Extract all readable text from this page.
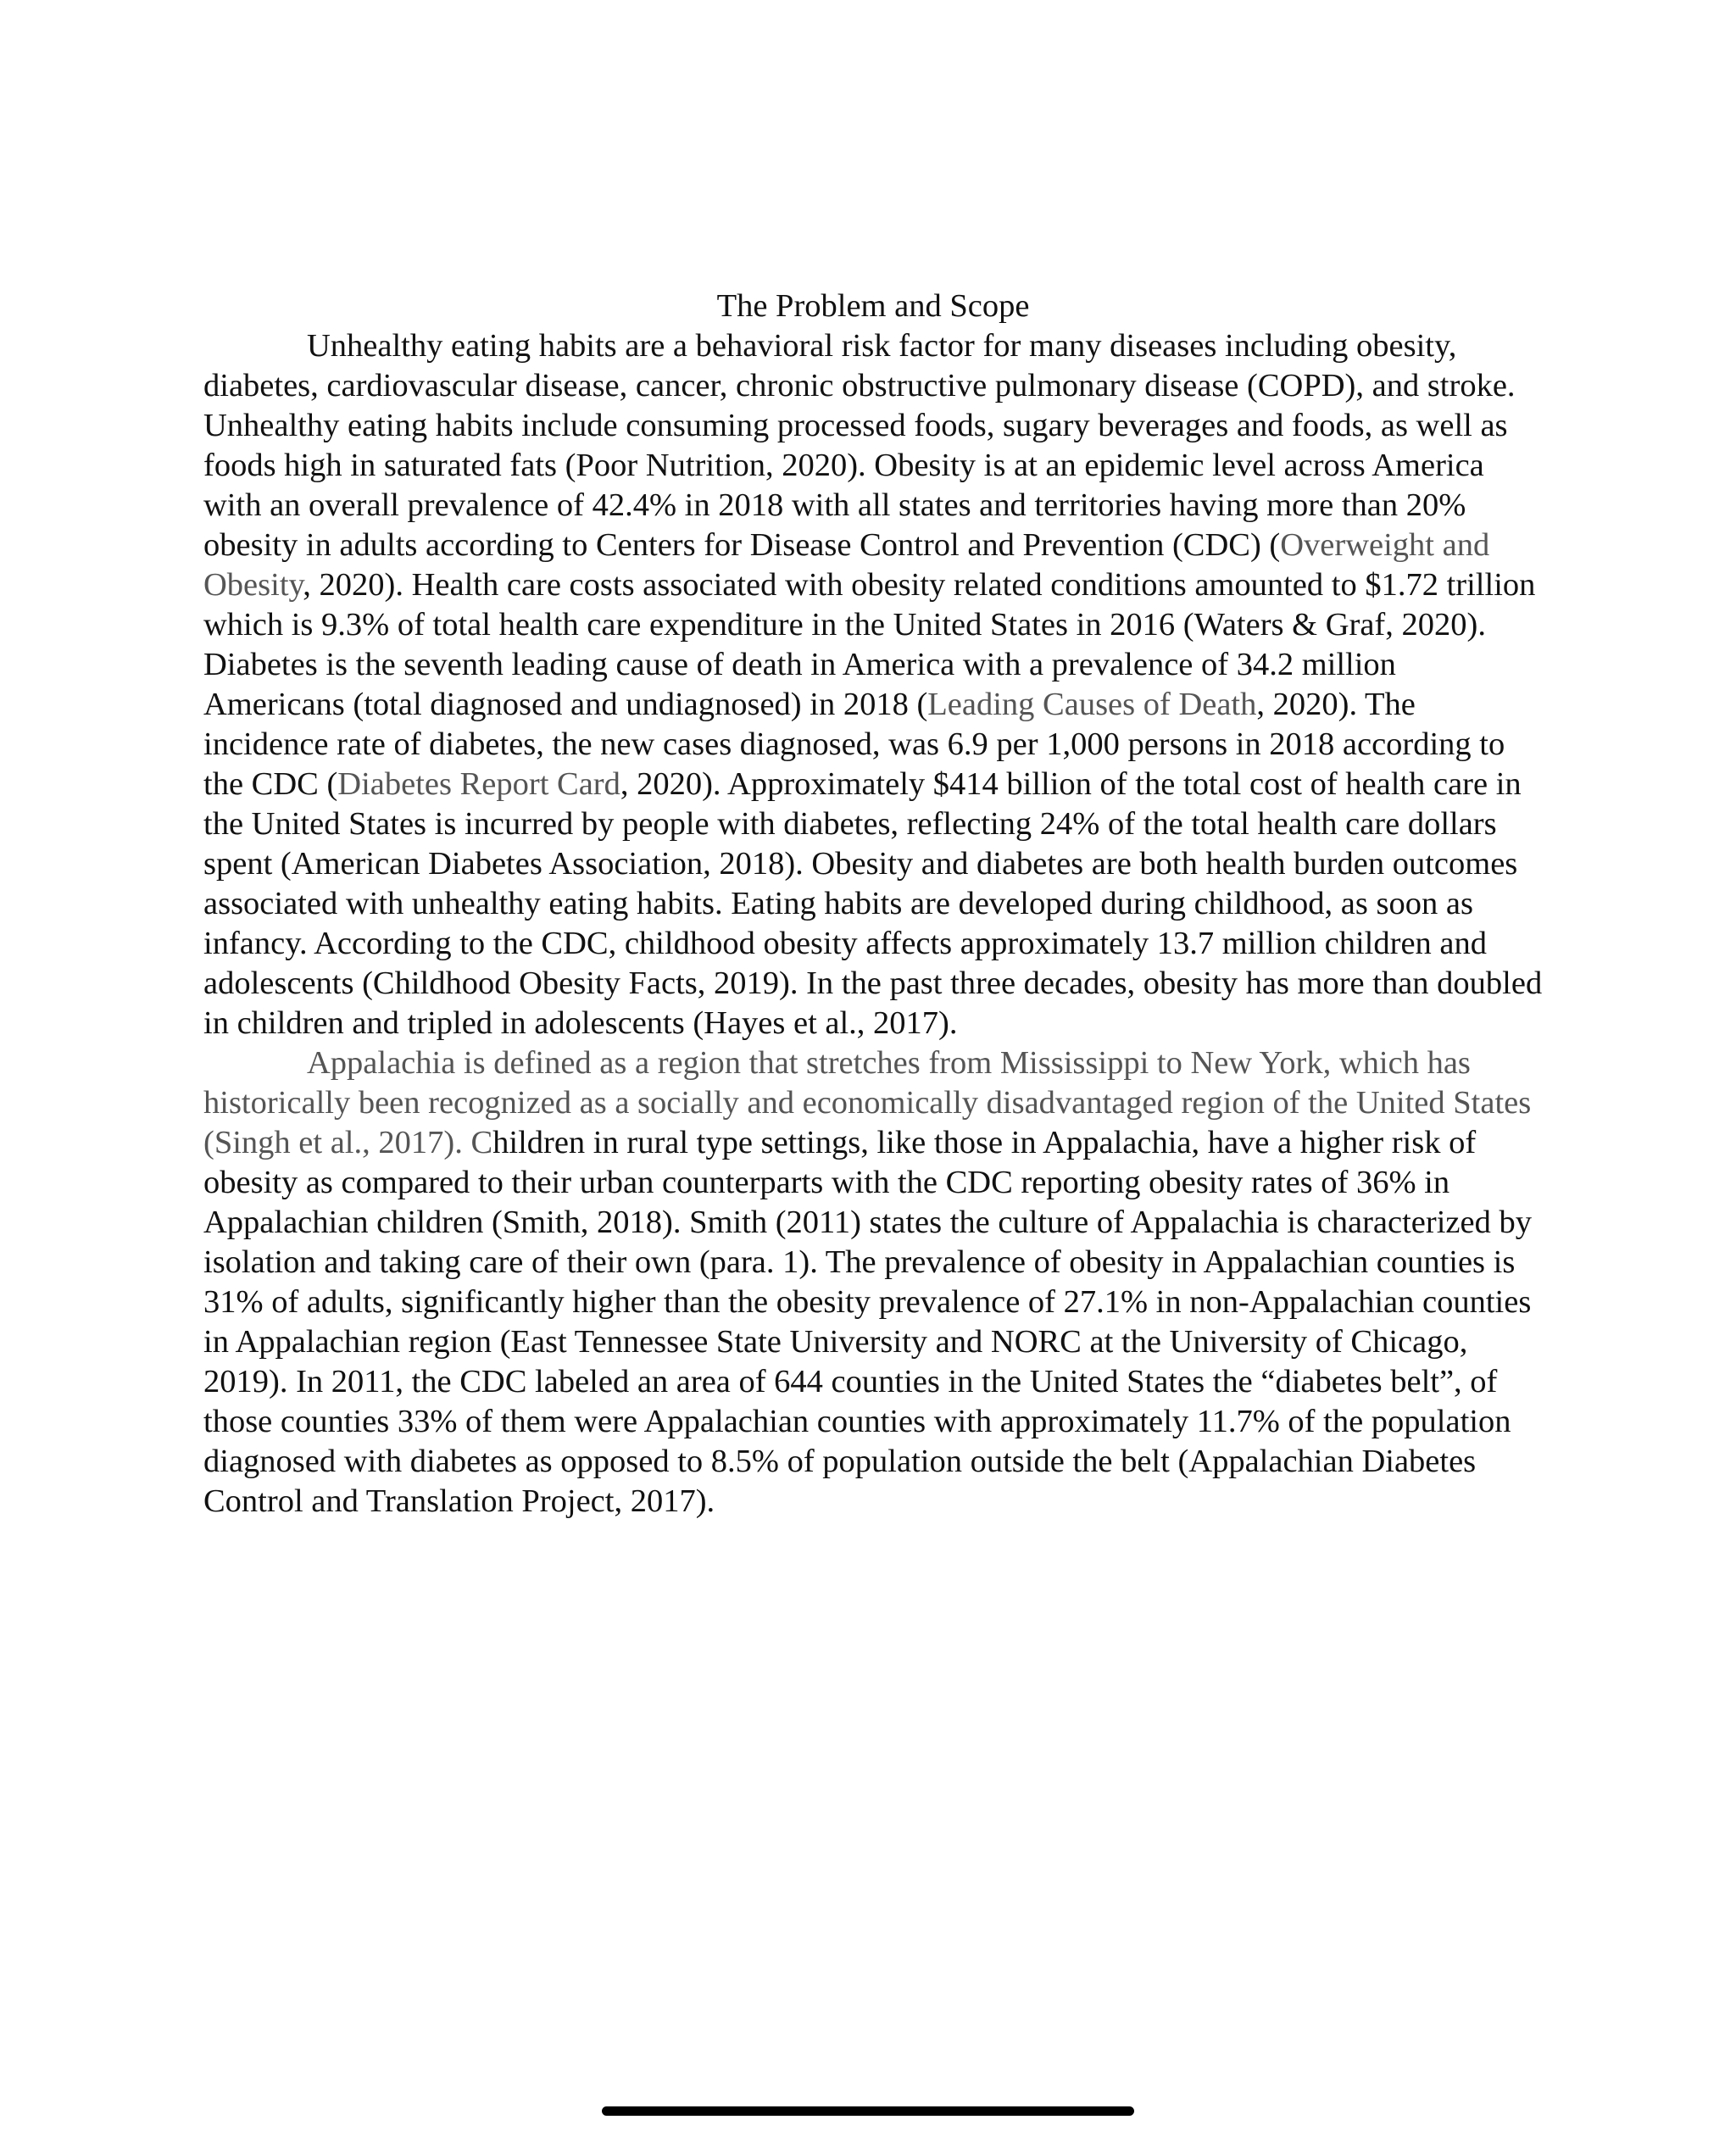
The Problem and Scope

Unhealthy eating habits are a behavioral risk factor for many diseases including obesity, diabetes, cardiovascular disease, cancer, chronic obstructive pulmonary disease (COPD), and stroke. Unhealthy eating habits include consuming processed foods, sugary beverages and foods, as well as foods high in saturated fats (Poor Nutrition, 2020). Obesity is at an epidemic level across America with an overall prevalence of 42.4% in 2018 with all states and territories having more than 20% obesity in adults according to Centers for Disease Control and Prevention (CDC) (Overweight and Obesity, 2020). Health care costs associated with obesity related conditions amounted to $1.72 trillion which is 9.3% of total health care expenditure in the United States in 2016 (Waters & Graf, 2020). Diabetes is the seventh leading cause of death in America with a prevalence of 34.2 million Americans (total diagnosed and undiagnosed) in 2018 (Leading Causes of Death, 2020). The incidence rate of diabetes, the new cases diagnosed, was 6.9 per 1,000 persons in 2018 according to the CDC (Diabetes Report Card, 2020). Approximately $414 billion of the total cost of health care in the United States is incurred by people with diabetes, reflecting 24% of the total health care dollars spent (American Diabetes Association, 2018). Obesity and diabetes are both health burden outcomes associated with unhealthy eating habits. Eating habits are developed during childhood, as soon as infancy. According to the CDC, childhood obesity affects approximately 13.7 million children and adolescents (Childhood Obesity Facts, 2019). In the past three decades, obesity has more than doubled in children and tripled in adolescents (Hayes et al., 2017).

Appalachia is defined as a region that stretches from Mississippi to New York, which has historically been recognized as a socially and economically disadvantaged region of the United States (Singh et al., 2017). Children in rural type settings, like those in Appalachia, have a higher risk of obesity as compared to their urban counterparts with the CDC reporting obesity rates of 36% in Appalachian children (Smith, 2018). Smith (2011) states the culture of Appalachia is characterized by isolation and taking care of their own (para. 1). The prevalence of obesity in Appalachian counties is 31% of adults, significantly higher than the obesity prevalence of 27.1% in non-Appalachian counties in Appalachian region (East Tennessee State University and NORC at the University of Chicago, 2019). In 2011, the CDC labeled an area of 644 counties in the United States the “diabetes belt”, of those counties 33% of them were Appalachian counties with approximately 11.7% of the population diagnosed with diabetes as opposed to 8.5% of population outside the belt (Appalachian Diabetes Control and Translation Project, 2017).
